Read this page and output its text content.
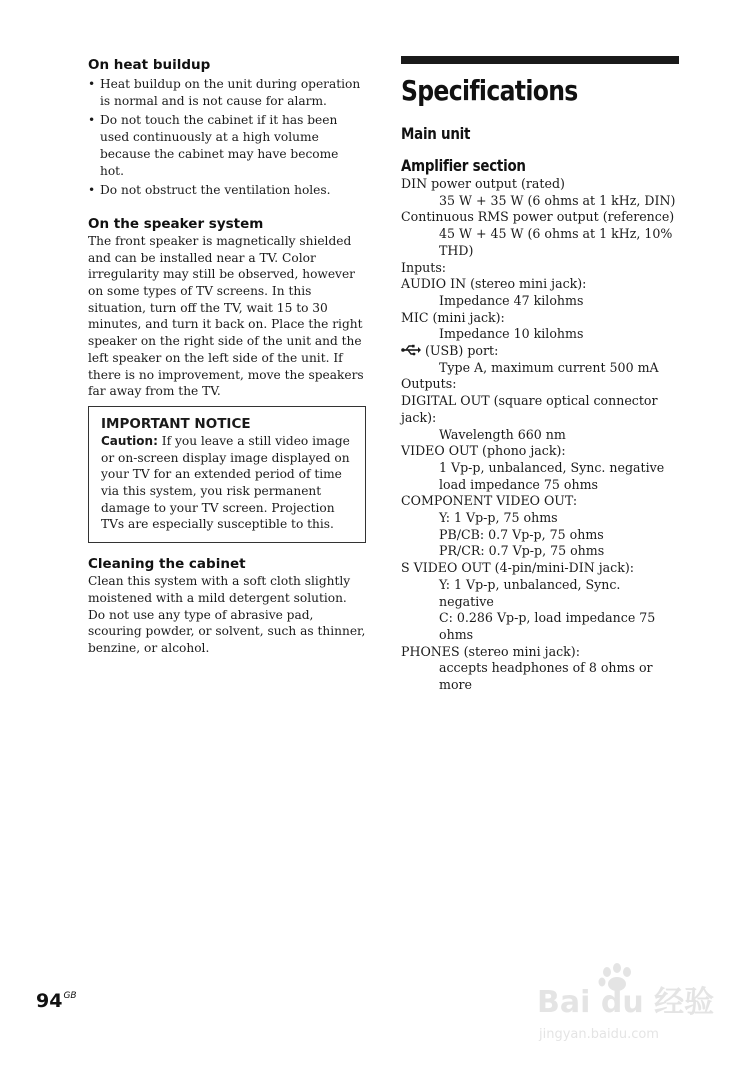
On heat buildup
• Heat buildup on the unit during operation is normal and is not cause for alarm.
• Do not touch the cabinet if it has been used continuously at a high volume because the cabinet may have become hot.
• Do not obstruct the ventilation holes.
On the speaker system
The front speaker is magnetically shielded and can be installed near a TV. Color irregularity may still be observed, however on some types of TV screens. In this situation, turn off the TV, wait 15 to 30 minutes, and turn it back on. Place the right speaker on the right side of the unit and the left speaker on the left side of the unit. If there is no improvement, move the speakers far away from the TV.
IMPORTANT NOTICE
Caution: If you leave a still video image or on-screen display image displayed on your TV for an extended period of time via this system, you risk permanent damage to your TV screen. Projection TVs are especially susceptible to this.
Cleaning the cabinet
Clean this system with a soft cloth slightly moistened with a mild detergent solution.
Do not use any type of abrasive pad, scouring powder, or solvent, such as thinner, benzine, or alcohol.
Specifications
Main unit
Amplifier section
DIN power output (rated)
35 W + 35 W (6 ohms at 1 kHz, DIN)
Continuous RMS power output (reference)
45 W + 45 W (6 ohms at 1 kHz, 10% THD)
Inputs:
AUDIO IN (stereo mini jack):
Impedance 47 kilohms
MIC (mini jack):
Impedance 10 kilohms
(USB) port:
Type A, maximum current 500 mA
Outputs:
DIGITAL OUT (square optical connector jack):
Wavelength 660 nm
VIDEO OUT (phono jack):
1 Vp-p, unbalanced, Sync. negative load impedance 75 ohms
COMPONENT VIDEO OUT:
Y: 1 Vp-p, 75 ohms
PB/CB: 0.7 Vp-p, 75 ohms
PR/CR: 0.7 Vp-p, 75 ohms
S VIDEO OUT (4-pin/mini-DIN jack):
Y: 1 Vp-p, unbalanced, Sync. negative
C: 0.286 Vp-p, load impedance 75 ohms
PHONES (stereo mini jack):
accepts headphones of 8 ohms or more
$94^{GB}$	Bai du 经验
jingyan.baidu.com
